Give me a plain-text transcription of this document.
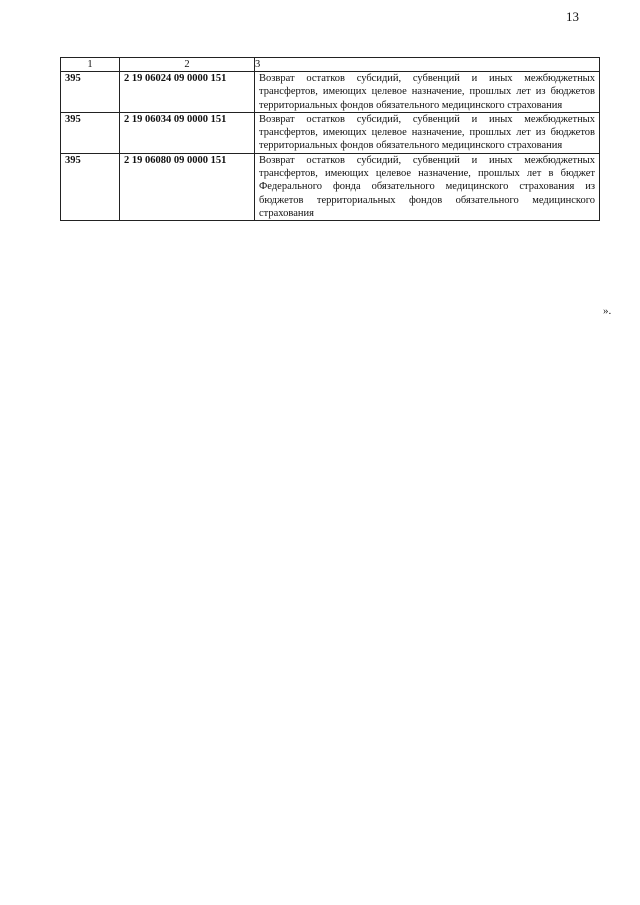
13
1	2	3
395	2 19 06024 09 0000 151	Возврат остатков субсидий, субвенций и иных межбюджетных трансфертов, имеющих целевое назначение, прошлых лет из бюджетов территориальных фондов обязательного медицинского страхования
395	2 19 06034 09 0000 151	Возврат остатков субсидий, субвенций и иных межбюджетных трансфертов, имеющих целевое назначение, прошлых лет из бюджетов территориальных фондов обязательного медицинского страхования
395	2 19 06080 09 0000 151	Возврат остатков субсидий, субвенций и иных межбюджетных трансфертов, имеющих целевое назначение, прошлых лет в бюджет Федерального фонда обязательного медицинского страхования из бюджетов территориальных фондов обязательного медицинского страхования
».
